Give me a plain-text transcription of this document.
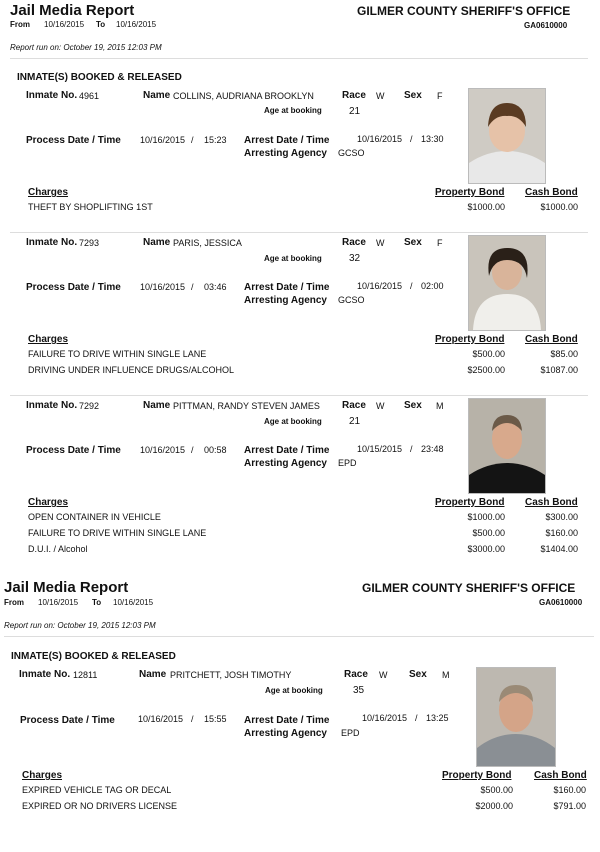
Jail Media Report	GILMER COUNTY SHERIFF'S OFFICE
From 10/16/2015 To 10/16/2015	GA0610000
Report run on: October 19, 2015 12:03 PM
INMATE(S) BOOKED & RELEASED
Inmate No. 4961	Name COLLINS, AUDRIANA BROOKLYN	Race W Sex F
Age at booking	21
Process Date / Time 10/16/2015 / 15:23 Arrest Date / Time	10/16/2015 / 13:30
Arresting Agency GCSO
Charges	Property Bond Cash Bond
THEFT BY SHOPLIFTING 1ST	$1000.00	$1000.00
Inmate No. 7293	Name PARIS, JESSICA	Race W Sex F
Age at booking	32
Process Date / Time 10/16/2015 / 03:46 Arrest Date / Time	10/16/2015 / 02:00
Arresting Agency GCSO
Charges	Property Bond Cash Bond
FAILURE TO DRIVE WITHIN SINGLE LANE	$500.00	$85.00
DRIVING UNDER INFLUENCE DRUGS/ALCOHOL	$2500.00	$1087.00
Inmate No. 7292	Name PITTMAN, RANDY STEVEN JAMES Race W Sex M
Age at booking	21
Process Date / Time 10/16/2015 / 00:58 Arrest Date / Time	10/15/2015 / 23:48
Arresting Agency EPD
Charges	Property Bond Cash Bond
OPEN CONTAINER IN VEHICLE	$1000.00	$300.00
FAILURE TO DRIVE WITHIN SINGLE LANE	$500.00	$160.00
D.U.I. / Alcohol	$3000.00	$1404.00
Jail Media Report	GILMER COUNTY SHERIFF'S OFFICE
From 10/16/2015 To 10/16/2015	GA0610000
Report run on: October 19, 2015 12:03 PM
INMATE(S) BOOKED & RELEASED
Inmate No. 12811	Name PRITCHETT, JOSH TIMOTHY	Race W Sex M
Age at booking	35
Process Date / Time	10/16/2015 / 15:55 Arrest Date / Time	10/16/2015 / 13:25
Arresting Agency EPD
Charges	Property Bond Cash Bond
EXPIRED VEHICLE TAG OR DECAL	$500.00	$160.00
EXPIRED OR NO DRIVERS LICENSE	$2000.00	$791.00
